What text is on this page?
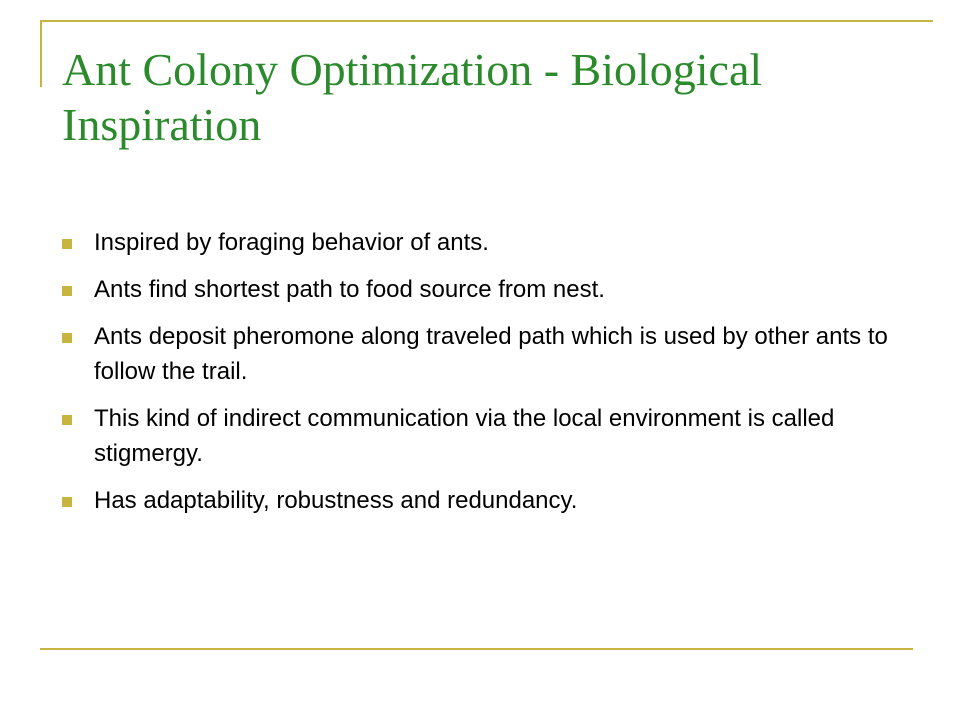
Ant Colony Optimization - Biological Inspiration
Inspired by foraging behavior of ants.
Ants find shortest path to food source from nest.
Ants deposit pheromone along traveled path which is used by other ants to follow the trail.
This kind of indirect communication via the local environment is called stigmergy.
Has adaptability, robustness and redundancy.
